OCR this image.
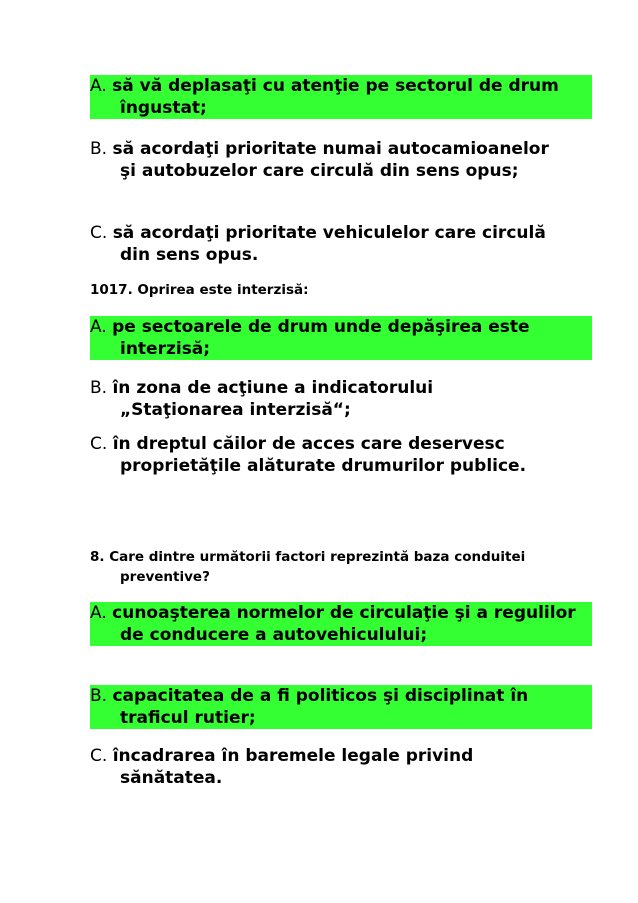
A. să vă deplasaţi cu atenţie pe sectorul de drum îngustat;
B. să acordaţi prioritate numai autocamioanelor şi autobuzelor care circulă din sens opus;
C. să acordaţi prioritate vehiculelor care circulă din sens opus.
1017. Oprirea este interzisă:
A. pe sectoarele de drum unde depăşirea este interzisă;
B. în zona de acţiune a indicatorului „Staţionarea interzisă“;
C. în dreptul căilor de acces care deservesc proprietăţile alăturate drumurilor publice.
8. Care dintre următorii factori reprezintă baza conduitei preventive?
A. cunoaşterea normelor de circulaţie şi a regulilor de conducere a autovehiculului;
B. capacitatea de a fi politicos şi disciplinat în traficul rutier;
C. încadrarea în baremele legale privind sănătatea.
